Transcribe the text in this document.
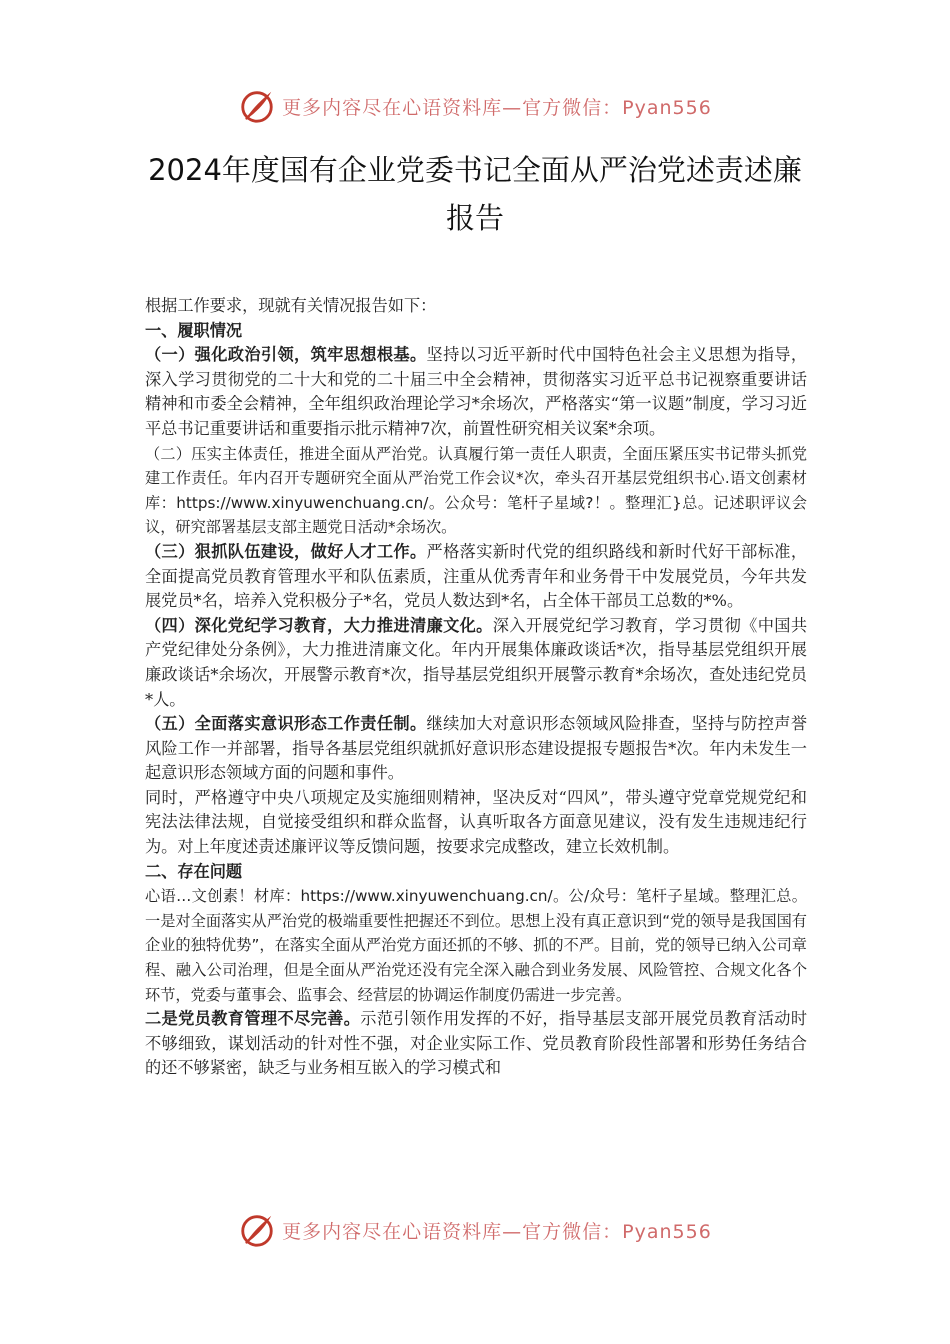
更多内容尽在心语资料库—官方微信：Pyan556
2024年度国有企业党委书记全面从严治党述责述廉报告

根据工作要求，现就有关情况报告如下：

一、履职情况

（一）强化政治引领，筑牢思想根基。坚持以习近平新时代中国特色社会主义思想为指导，深入学习贯彻党的二十大和党的二十届三中全会精神，贯彻落实习近平总书记视察重要讲话精神和市委全会精神，全年组织政治理论学习*余场次，严格落实“第一议题”制度，学习习近平总书记重要讲话和重要指示批示精神7次，前置性研究相关议案*余项。

（二）压实主体责任，推进全面从严治党。认真履行第一责任人职责，全面压紧压实书记带头抓党建工作责任。年内召开专题研究全面从严治党工作会议*次，牵头召开基层党组织书心.语文创素材库：https://www.xinyuwenchuang.cn/。公众号：笔杆子星域?！。整理汇}总。记述职评议会议，研究部署基层支部主题党日活动*余场次。

（三）狠抓队伍建设，做好人才工作。严格落实新时代党的组织路线和新时代好干部标准，全面提高党员教育管理水平和队伍素质，注重从优秀青年和业务骨干中发展党员，今年共发展党员*名，培养入党积极分子*名，党员人数达到*名，占全体干部员工总数的*%。

（四）深化党纪学习教育，大力推进清廉文化。深入开展党纪学习教育，学习贯彻《中国共产党纪律处分条例》，大力推进清廉文化。年内开展集体廉政谈话*次，指导基层党组织开展廉政谈话*余场次，开展警示教育*次，指导基层党组织开展警示教育*余场次，查处违纪党员*人。

（五）全面落实意识形态工作责任制。继续加大对意识形态领域风险排查，坚持与防控声誉风险工作一并部署，指导各基层党组织就抓好意识形态建设提报专题报告*次。年内未发生一起意识形态领域方面的问题和事件。

同时，严格遵守中央八项规定及实施细则精神，坚决反对“四风”，带头遵守党章党规党纪和宪法法律法规，自觉接受组织和群众监督，认真听取各方面意见建议，没有发生违规违纪行为。对上年度述责述廉评议等反馈问题，按要求完成整改，建立长效机制。

二、存在问题

心语…文创素！材库：https://www.xinyuwenchuang.cn/。公/众号：笔杆子星域。整理汇总。一是对全面落实从严治党的极端重要性把握还不到位。思想上没有真正意识到“党的领导是我国国有企业的独特优势”，在落实全面从严治党方面还抓的不够、抓的不严。目前，党的领导已纳入公司章程、融入公司治理，但是全面从严治党还没有完全深入融合到业务发展、风险管控、合规文化各个环节，党委与董事会、监事会、经营层的协调运作制度仍需进一步完善。

二是党员教育管理不尽完善。示范引领作用发挥的不好，指导基层支部开展党员教育活动时不够细致，谋划活动的针对性不强，对企业实际工作、党员教育阶段性部署和形势任务结合的还不够紧密，缺乏与业务相互嵌入的学习模式和

更多内容尽在心语资料库—官方微信：Pyan556
